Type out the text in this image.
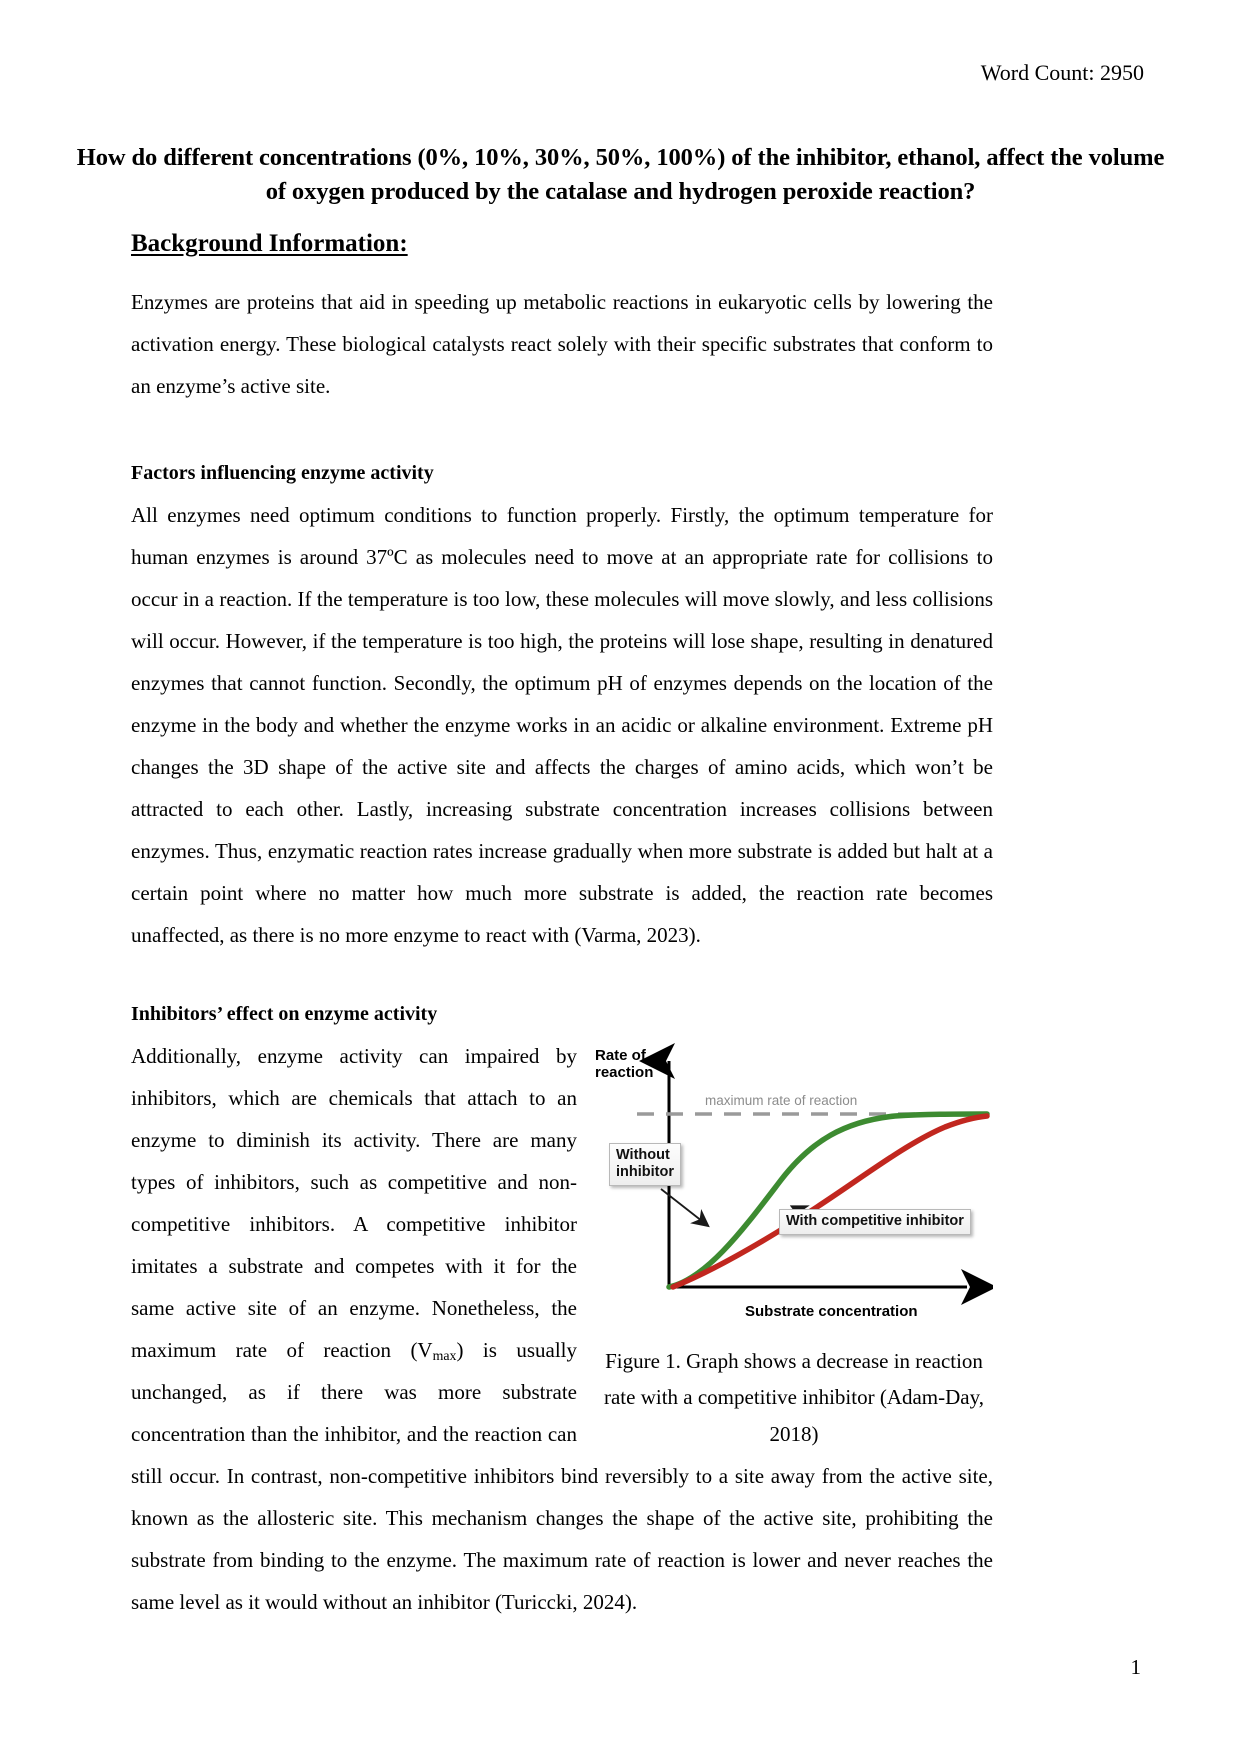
Word Count: 2950
How do different concentrations (0%, 10%, 30%, 50%, 100%) of the inhibitor, ethanol, affect the volume of oxygen produced by the catalase and hydrogen peroxide reaction?
Background Information:

Enzymes are proteins that aid in speeding up metabolic reactions in eukaryotic cells by lowering the activation energy. These biological catalysts react solely with their specific substrates that conform to an enzyme’s active site.

Factors influencing enzyme activity

All enzymes need optimum conditions to function properly. Firstly, the optimum temperature for human enzymes is around 37ºC as molecules need to move at an appropriate rate for collisions to occur in a reaction. If the temperature is too low, these molecules will move slowly, and less collisions will occur. However, if the temperature is too high, the proteins will lose shape, resulting in denatured enzymes that cannot function. Secondly, the optimum pH of enzymes depends on the location of the enzyme in the body and whether the enzyme works in an acidic or alkaline environment. Extreme pH changes the 3D shape of the active site and affects the charges of amino acids, which won’t be attracted to each other. Lastly, increasing substrate concentration increases collisions between enzymes. Thus, enzymatic reaction rates increase gradually when more substrate is added but halt at a certain point where no matter how much more substrate is added, the reaction rate becomes unaffected, as there is no more enzyme to react with (Varma, 2023).

Inhibitors’ effect on enzyme activity
Rate of reaction
maximum rate of reaction
Without
inhibitor
With competitive inhibitor
Substrate concentration
Figure 1. Graph shows a decrease in reaction rate with a competitive inhibitor (Adam-Day, 2018)

Additionally, enzyme activity can impaired by inhibitors, which are chemicals that attach to an enzyme to diminish its activity. There are many types of inhibitors, such as competitive and non-competitive inhibitors. A competitive inhibitor imitates a substrate and competes with it for the same active site of an enzyme. Nonetheless, the maximum rate of reaction $(V_{max})$ is usually unchanged, as if there was more substrate concentration than the inhibitor, and the reaction can still occur. In contrast, non-competitive inhibitors bind reversibly to a site away from the active site, known as the allosteric site. This mechanism changes the shape of the active site, prohibiting the substrate from binding to the enzyme. The maximum rate of reaction is lower and never reaches the same level as it would without an inhibitor (Turiccki, 2024).

1
